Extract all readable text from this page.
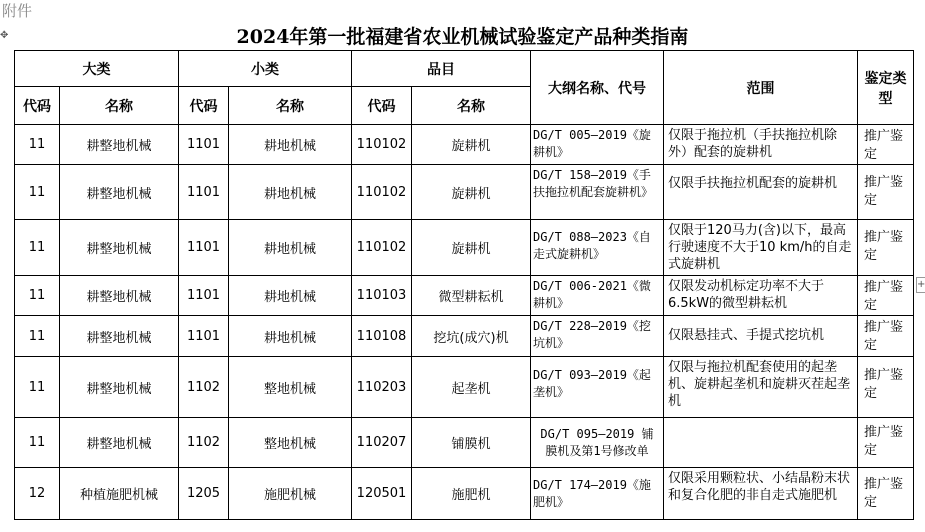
附件
✥	2024年第一批福建省农业机械试验鉴定产品种类指南
+
大类		小类		品目		大纲名称、代号	范围	鉴定类型
代码	名称	代码	名称	代码	名称			
11	耕整地机械	1101	耕地机械	110102	旋耕机	DG/T 005—2019《旋耕机》	仅限于拖拉机（手扶拖拉机除外）配套的旋耕机	推广鉴定
11	耕整地机械	1101	耕地机械	110102	旋耕机	DG/T 158—2019《手扶拖拉机配套旋耕机》	仅限手扶拖拉机配套的旋耕机	推广鉴定
11	耕整地机械	1101	耕地机械	110102	旋耕机	DG/T 088—2023《自走式旋耕机》	仅限于120马力(含)以下，最高行驶速度不大于10 km/h的自走式旋耕机	推广鉴定
11	耕整地机械	1101	耕地机械	110103	微型耕耘机	DG/T 006-2021《微耕机》	仅限发动机标定功率不大于6.5kW的微型耕耘机	推广鉴定
11	耕整地机械	1101	耕地机械	110108	挖坑(成穴)机	DG/T 228—2019《挖坑机》	仅限悬挂式、手提式挖坑机	推广鉴定
11	耕整地机械	1102	整地机械	110203	起垄机	DG/T 093—2019《起垄机》	仅限与拖拉机配套使用的起垄机、旋耕起垄机和旋耕灭茬起垄机	推广鉴定
11	耕整地机械	1102	整地机械	110207	铺膜机	DG/T 095—2019 铺膜机及第1号修改单		推广鉴定
12	种植施肥机械	1205	施肥机械	120501	施肥机	DG/T 174—2019《施肥机》	仅限采用颗粒状、小结晶粉末状和复合化肥的非自走式施肥机	推广鉴定
